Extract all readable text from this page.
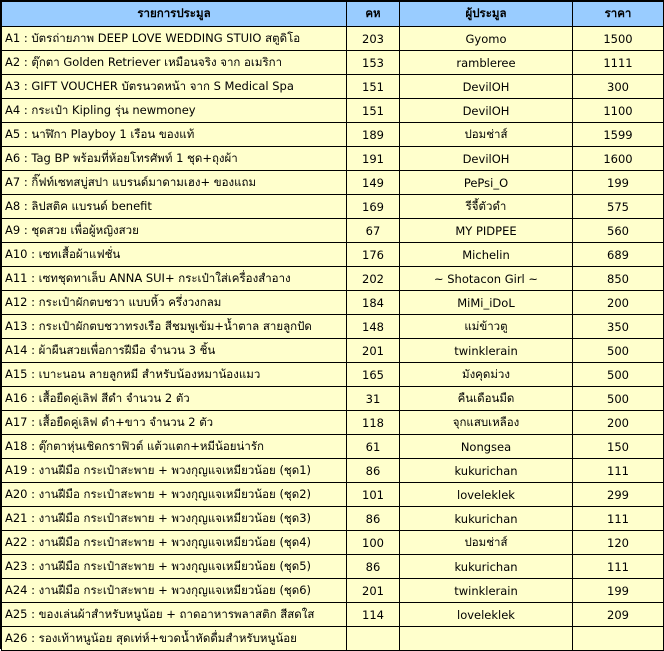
รายการประมูล	คห	ผู้ประมูล	ราคา
A1 : บัตรถ่ายภาพ DEEP LOVE WEDDING STUIO สตูดิโอ	203	Gyomo	1500
A2 : ตุ๊กตา Golden Retriever เหมือนจริง จาก อเมริกา	153	rambleree	1111
A3 : GIFT VOUCHER บัตรนวดหน้า จาก S Medical Spa	151	DevilOH	300
A4 : กระเป๋า Kipling รุ่น newmoney	151	DevilOH	1100
A5 : นาฬิกา Playboy 1 เรือน ของแท้	189	ปอมช่าส์	1599
A6 : Tag BP พร้อมที่ห้อยโทรศัพท์ 1 ชุด+ถุงผ้า	191	DevilOH	1600
A7 : กิ๊ฟท์เซทสบู่สปา แบรนด์มาดามเฮง+ ของแถม	149	PePsi_O	199
A8 : ลิปสติค แบรนด์ benefit	169	รีจี้ตัวดำ	575
A9 : ชุดสวย เพื่อผู้หญิงสวย	67	MY PIDPEE	560
A10 : เซทเสื้อผ้าแฟชั่น	176	Michelin	689
A11 : เซทชุดทาเล็บ ANNA SUI+ กระเป๋าใส่เครื่องสำอาง	202	~ Shotacon Girl ~	850
A12 : กระเป๋าผักตบชวา แบบหิ้ว ครึ่งวงกลม	184	MiMi_iDoL	200
A13 : กระเป๋าผักตบชวาทรงเรือ สีชมพูเข้ม+น้ำตาล สายลูกปัด	148	แม่ข้าวตู	350
A14 : ผ้าผืนสวยเพื่อการฝีมือ จำนวน 3 ชิ้น	201	twinklerain	500
A15 : เบาะนอน ลายลูกหมี สำหรับน้องหมาน้องแมว	165	มังคุดม่วง	500
A16 : เสื้อยืดคู่เลิฟ สีดำ จำนวน 2 ตัว	31	คืนเดือนมืด	500
A17 : เสื้อยืดคู่เลิฟ ดำ+ขาว จำนวน 2 ตัว	118	จุกแสบเหลือง	200
A18 : ตุ๊กตาหุ่นเชิดกราฟิวต์ แต้วแตก+หมีน้อยน่ารัก	61	Nongsea	150
A19 : งานฝีมือ กระเป๋าสะพาย + พวงกุญแจเหมียวน้อย (ชุด1)	86	kukurichan	111
A20 : งานฝีมือ กระเป๋าสะพาย + พวงกุญแจเหมียวน้อย (ชุด2)	101	loveleklek	299
A21 : งานฝีมือ กระเป๋าสะพาย + พวงกุญแจเหมียวน้อย (ชุด3)	86	kukurichan	111
A22 : งานฝีมือ กระเป๋าสะพาย + พวงกุญแจเหมียวน้อย (ชุด4)	100	ปอมช่าส์	120
A23 : งานฝีมือ กระเป๋าสะพาย + พวงกุญแจเหมียวน้อย (ชุด5)	86	kukurichan	111
A24 : งานฝีมือ กระเป๋าสะพาย + พวงกุญแจเหมียวน้อย (ชุด6)	201	twinklerain	199
A25 : ของเล่นผ้าสำหรับหนูน้อย + ถาดอาหารพลาสติก สีสดใส	114	loveleklek	209
A26 : รองเท้าหนูน้อย สุดเท่ห์+ขวดน้ำหัดดื่มสำหรับหนูน้อย			
